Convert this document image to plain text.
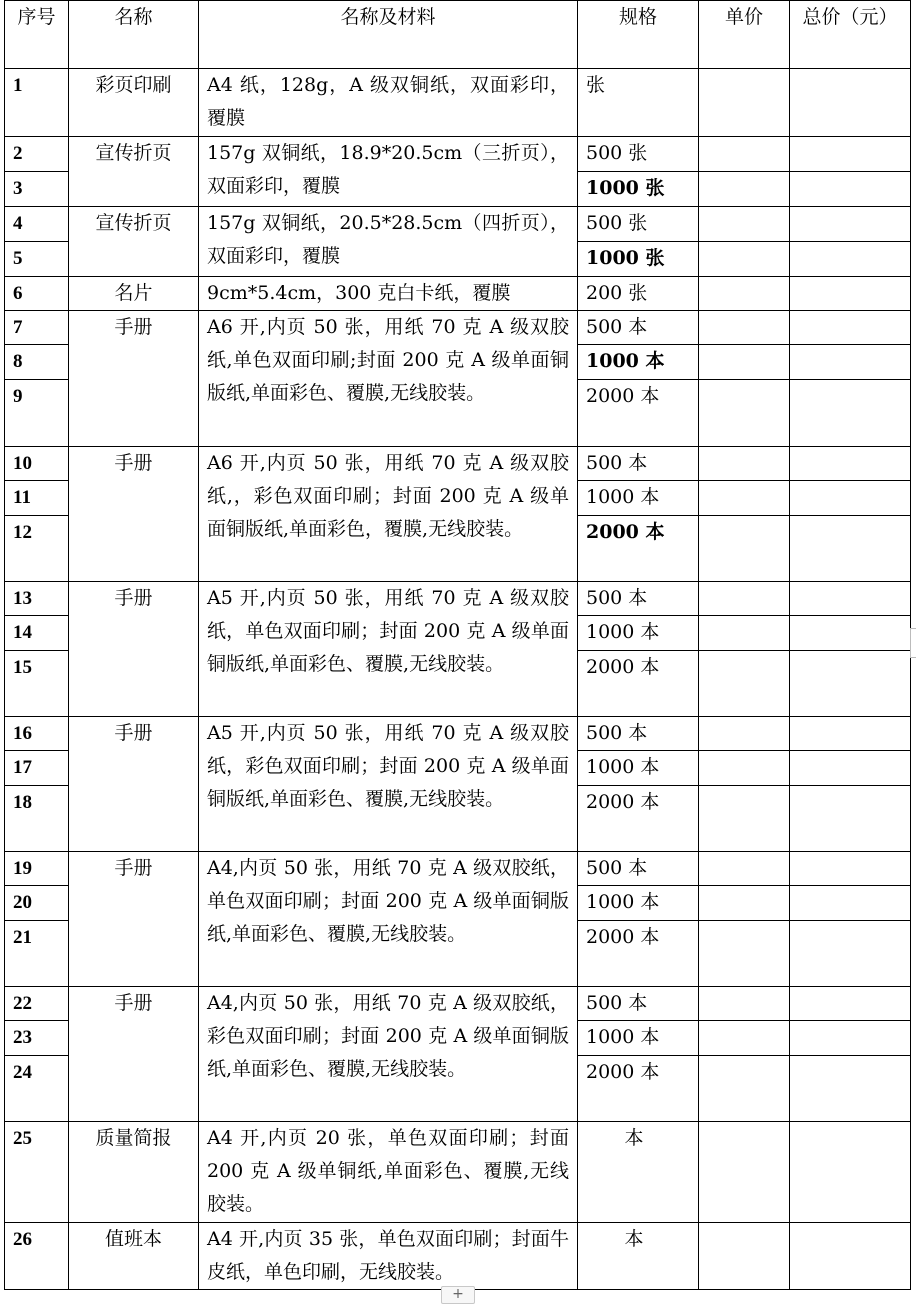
序号	名称	名称及材料	规格	单价	总价（元）
1	彩页印刷	A4 纸，128g，A 级双铜纸，双面彩印，覆膜	张		
2	宣传折页	157g 双铜纸，18.9*20.5cm（三折页），双面彩印，覆膜	500 张		
3			1000 张		
4	宣传折页	157g 双铜纸，20.5*28.5cm（四折页），双面彩印，覆膜	500 张		
5			1000 张		
6	名片	9cm*5.4cm，300 克白卡纸，覆膜	200 张		
7	手册	A6 开,内页 50 张，用纸 70 克 A 级双胶纸,单色双面印刷;封面 200 克 A 级单面铜版纸,单面彩色、覆膜,无线胶装。	500 本		
8			1000 本		
9			2000 本		
10	手册	A6 开,内页 50 张，用纸 70 克 A 级双胶纸,，彩色双面印刷；封面 200 克 A 级单面铜版纸,单面彩色，覆膜,无线胶装。	500 本		
11			1000 本		
12			2000 本		
13	手册	A5 开,内页 50 张，用纸 70 克 A 级双胶纸，单色双面印刷；封面 200 克 A 级单面铜版纸,单面彩色、覆膜,无线胶装。	500 本		
14			1000 本		
15			2000 本		
16	手册	A5 开,内页 50 张，用纸 70 克 A 级双胶纸，彩色双面印刷；封面 200 克 A 级单面铜版纸,单面彩色、覆膜,无线胶装。	500 本		
17			1000 本		
18			2000 本		
19	手册	A4,内页 50 张，用纸 70 克 A 级双胶纸，单色双面印刷；封面 200 克 A 级单面铜版纸,单面彩色、覆膜,无线胶装。	500 本		
20			1000 本		
21			2000 本		
22	手册	A4,内页 50 张，用纸 70 克 A 级双胶纸，彩色双面印刷；封面 200 克 A 级单面铜版纸,单面彩色、覆膜,无线胶装。	500 本		
23			1000 本		
24			2000 本		
25	质量简报	A4 开,内页 20 张，单色双面印刷；封面 200 克 A 级单铜纸,单面彩色、覆膜,无线胶装。	本		
26	值班本	A4 开,内页 35 张，单色双面印刷；封面牛皮纸，单色印刷，无线胶装。	本		
+
